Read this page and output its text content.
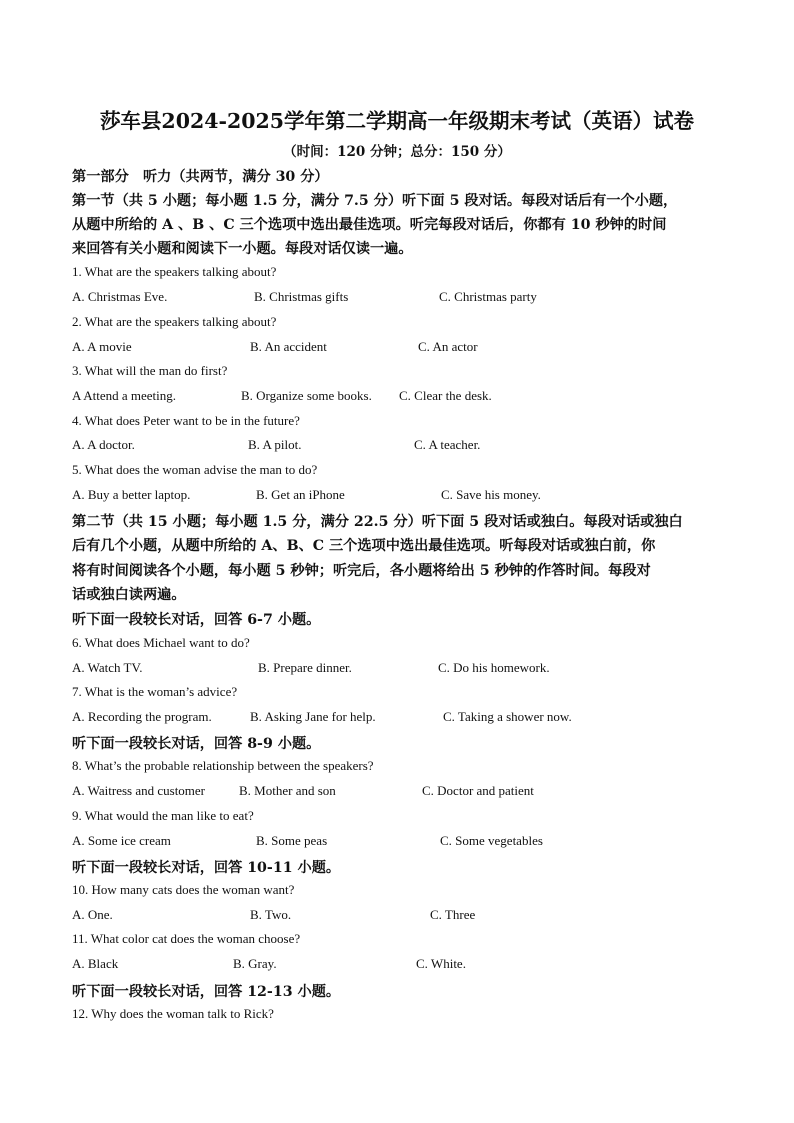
莎车县2024-2025学年第二学期高一年级期末考试（英语）试卷
（时间：120 分钟；总分：150 分）
第一部分　听力（共两节，满分 30 分）
第一节（共 5 小题；每小题 1.5 分，满分 7.5 分）听下面 5 段对话。每段对话后有一个小题，
从题中所给的 A 、B 、C 三个选项中选出最佳选项。听完每段对话后，你都有 10 秒钟的时间
来回答有关小题和阅读下一小题。每段对话仅读一遍。
1. What are the speakers talking about?
A. Christmas Eve.	B. Christmas gifts	C. Christmas party
2. What are the speakers talking about?
A. A movie	B. An accident	C. An actor
3. What will the man do first?
A Attend a meeting.	B. Organize some books. C. Clear the desk.
4. What does Peter want to be in the future?
A. A doctor.	B. A pilot.	C. A teacher.
5. What does the woman advise the man to do?
A. Buy a better laptop.	B. Get an iPhone	C. Save his money.
第二节（共 15 小题；每小题 1.5 分，满分 22.5 分）听下面 5 段对话或独白。每段对话或独白
后有几个小题，从题中所给的 A、B、C 三个选项中选出最佳选项。听每段对话或独白前，你
将有时间阅读各个小题，每小题 5 秒钟；听完后，各小题将给出 5 秒钟的作答时间。每段对
话或独白读两遍。
听下面一段较长对话，回答 6-7 小题。
6. What does Michael want to do?
A. Watch TV.	B. Prepare dinner.	C. Do his homework.
7. What is the woman’s advice?
A. Recording the program.	B. Asking Jane for help.	C. Taking a shower now.
听下面一段较长对话，回答 8-9 小题。
8. What’s the probable relationship between the speakers?
A. Waitress and customer	B. Mother and son	C. Doctor and patient
9. What would the man like to eat?
A. Some ice cream	B. Some peas	C. Some vegetables
听下面一段较长对话，回答 10-11 小题。
10. How many cats does the woman want?
A. One.	B. Two.	C. Three
11. What color cat does the woman choose?
A. Black	B. Gray.	C. White.
听下面一段较长对话，回答 12-13 小题。
12. Why does the woman talk to Rick?
